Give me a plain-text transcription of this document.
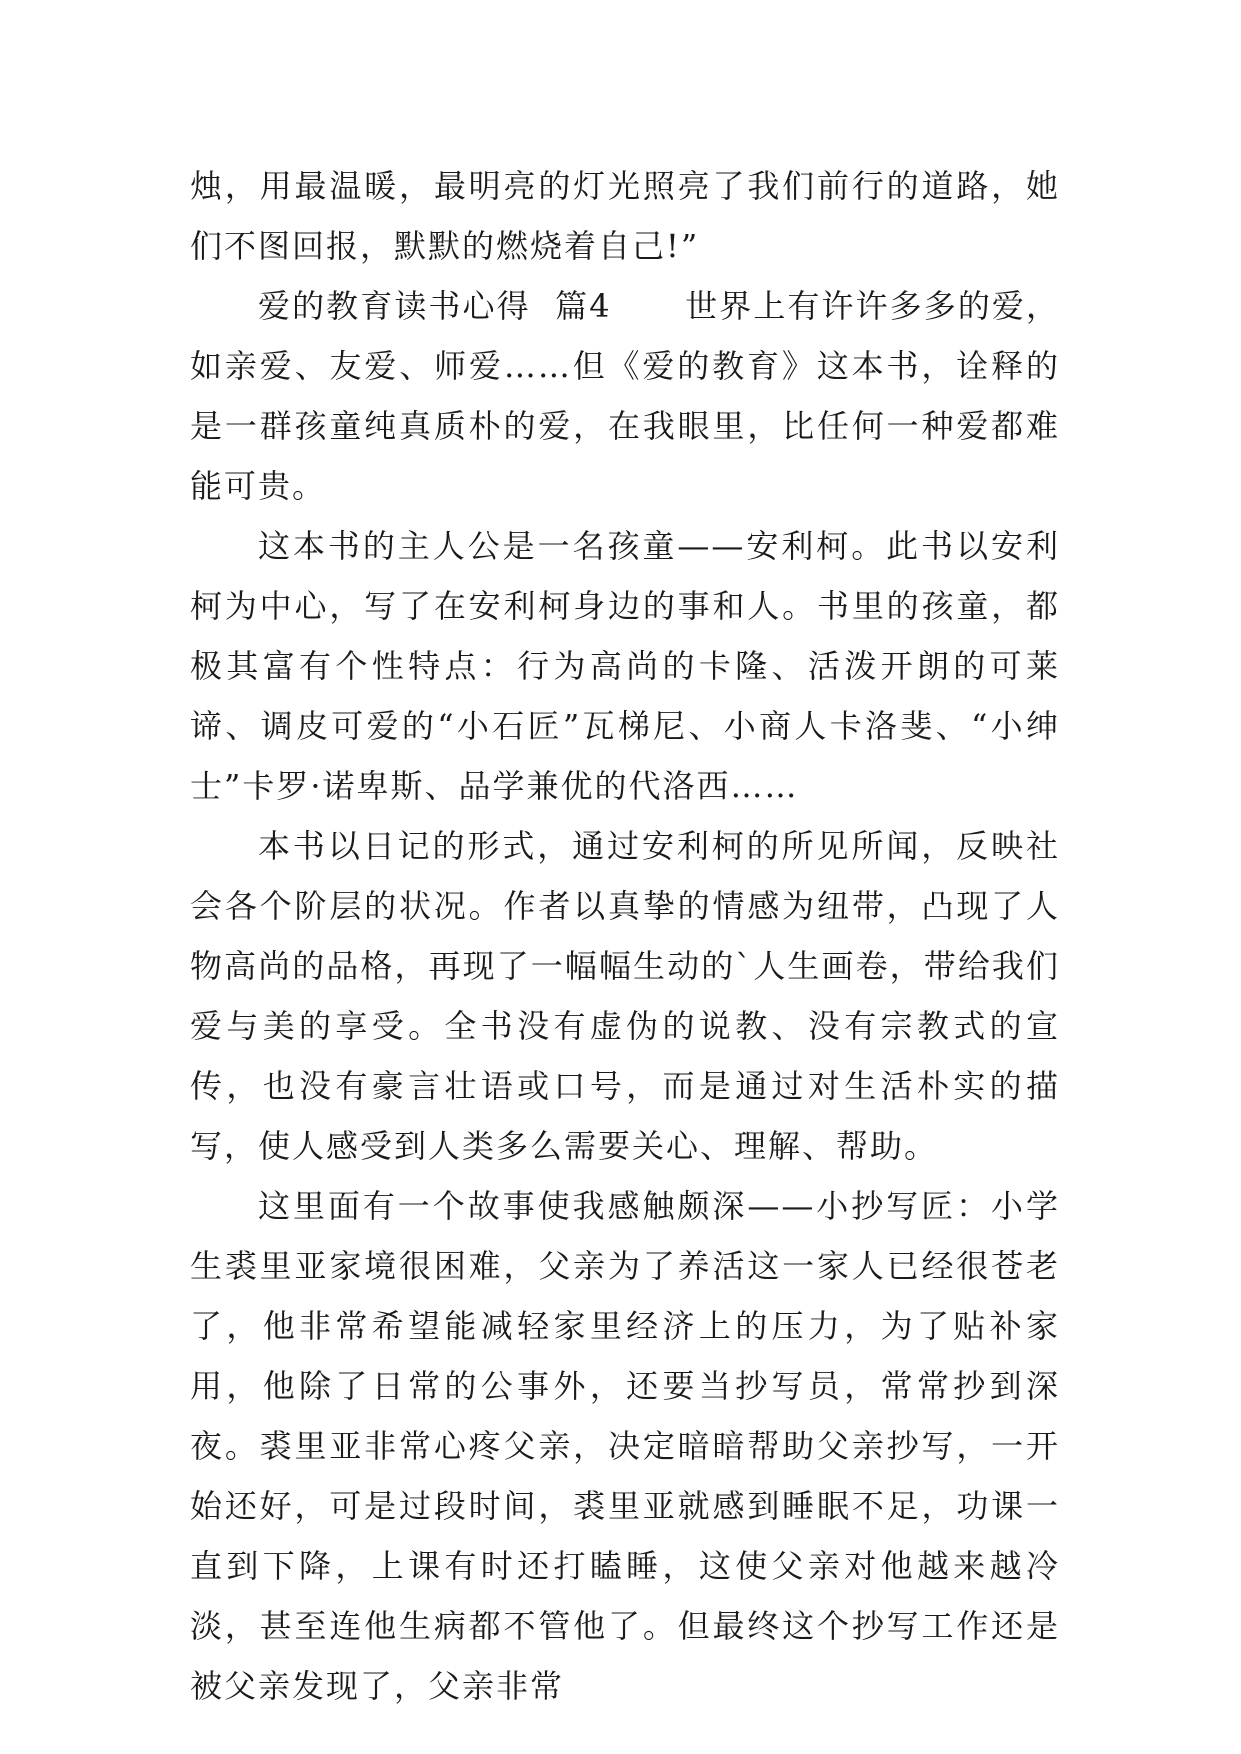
烛，用最温暖，最明亮的灯光照亮了我们前行的道路，她们不图回报，默默的燃烧着自己!”

爱的教育读书心得  篇4 世界上有许许多多的爱，如亲爱、友爱、师爱……但《爱的教育》这本书，诠释的是一群孩童纯真质朴的爱，在我眼里，比任何一种爱都难能可贵。

这本书的主人公是一名孩童——安利柯。此书以安利柯为中心，写了在安利柯身边的事和人。书里的孩童，都极其富有个性特点：行为高尚的卡隆、活泼开朗的可莱谛、调皮可爱的“小石匠”瓦梯尼、小商人卡洛斐、“小绅士”卡罗·诺卑斯、品学兼优的代洛西……

本书以日记的形式，通过安利柯的所见所闻，反映社会各个阶层的状况。作者以真挚的情感为纽带，凸现了人物高尚的品格，再现了一幅幅生动的`人生画卷，带给我们爱与美的享受。全书没有虚伪的说教、没有宗教式的宣传，也没有豪言壮语或口号，而是通过对生活朴实的描写，使人感受到人类多么需要关心、理解、帮助。

这里面有一个故事使我感触颇深——小抄写匠：小学生裘里亚家境很困难，父亲为了养活这一家人已经很苍老了，他非常希望能减轻家里经济上的压力，为了贴补家用，他除了日常的公事外，还要当抄写员，常常抄到深夜。裘里亚非常心疼父亲，决定暗暗帮助父亲抄写，一开始还好，可是过段时间，裘里亚就感到睡眠不足，功课一直到下降，上课有时还打瞌睡，这使父亲对他越来越冷淡，甚至连他生病都不管他了。但最终这个抄写工作还是被父亲发现了，父亲非常
